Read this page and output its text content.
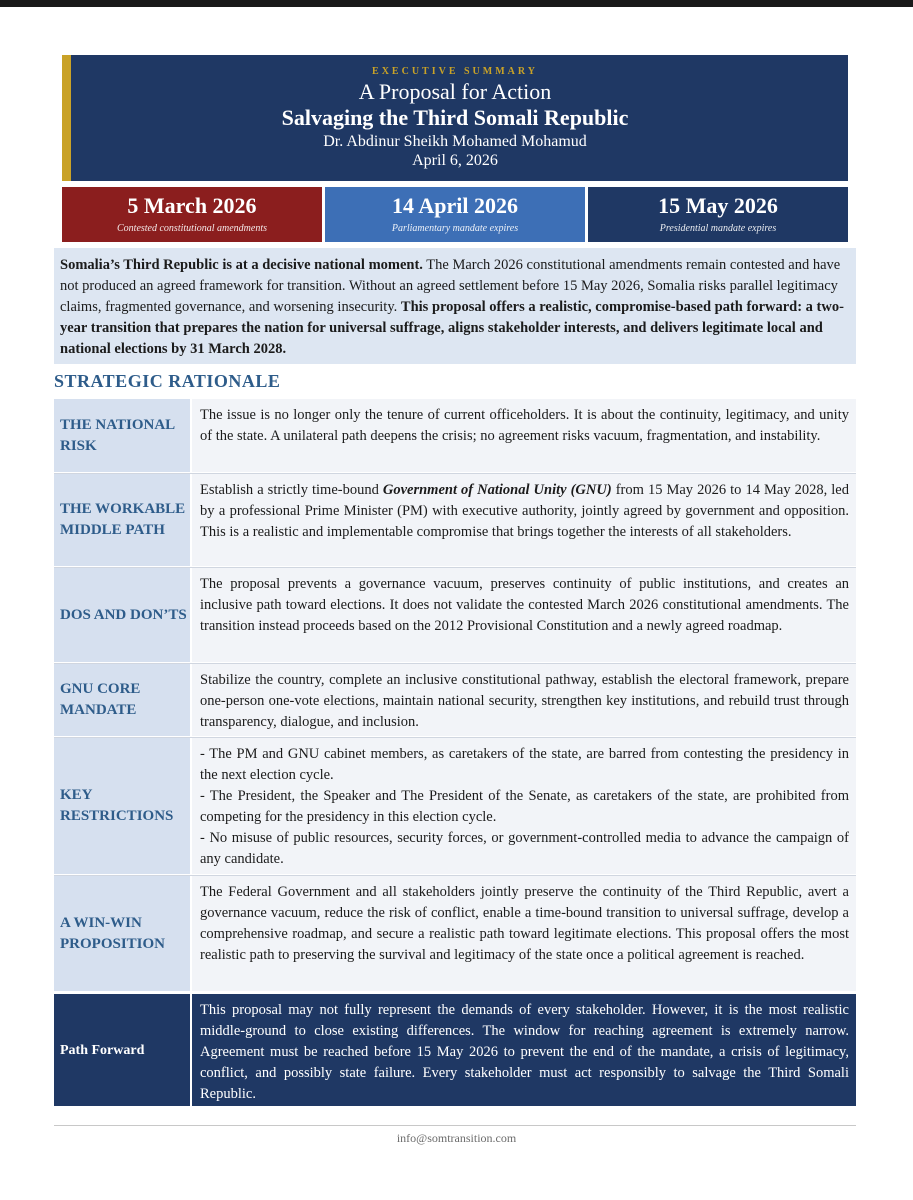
EXECUTIVE SUMMARY
A Proposal for Action
Salvaging the Third Somali Republic
Dr. Abdinur Sheikh Mohamed Mohamud
April 6, 2026
5 March 2026
Contested constitutional amendments
14 April 2026
Parliamentary mandate expires
15 May 2026
Presidential mandate expires
Somalia’s Third Republic is at a decisive national moment. The March 2026 constitutional amendments remain contested and have not produced an agreed framework for transition. Without an agreed settlement before 15 May 2026, Somalia risks parallel legitimacy claims, fragmented governance, and worsening insecurity. This proposal offers a realistic, compromise-based path forward: a two-year transition that prepares the nation for universal suffrage, aligns stakeholder interests, and delivers legitimate local and national elections by 31 March 2028.
STRATEGIC RATIONALE
THE NATIONAL RISK
The issue is no longer only the tenure of current officeholders. It is about the continuity, legitimacy, and unity of the state. A unilateral path deepens the crisis; no agreement risks vacuum, fragmentation, and instability.
THE WORKABLE MIDDLE PATH
Establish a strictly time-bound Government of National Unity (GNU) from 15 May 2026 to 14 May 2028, led by a professional Prime Minister (PM) with executive authority, jointly agreed by government and opposition. This is a realistic and implementable compromise that brings together the interests of all stakeholders.
DOS AND DON’TS
The proposal prevents a governance vacuum, preserves continuity of public institutions, and creates an inclusive path toward elections. It does not validate the contested March 2026 constitutional amendments. The transition instead proceeds based on the 2012 Provisional Constitution and a newly agreed roadmap.
GNU CORE MANDATE
Stabilize the country, complete an inclusive constitutional pathway, establish the electoral framework, prepare one-person one-vote elections, maintain national security, strengthen key institutions, and rebuild trust through transparency, dialogue, and inclusion.
KEY RESTRICTIONS
- The PM and GNU cabinet members, as caretakers of the state, are barred from contesting the presidency in the next election cycle.
- The President, the Speaker and The President of the Senate, as caretakers of the state, are prohibited from competing for the presidency in this election cycle.
- No misuse of public resources, security forces, or government-controlled media to advance the campaign of any candidate.
A WIN-WIN PROPOSITION
The Federal Government and all stakeholders jointly preserve the continuity of the Third Republic, avert a governance vacuum, reduce the risk of conflict, enable a time-bound transition to universal suffrage, develop a comprehensive roadmap, and secure a realistic path toward legitimate elections. This proposal offers the most realistic path to preserving the survival and legitimacy of the state once a political agreement is reached.
Path Forward
This proposal may not fully represent the demands of every stakeholder. However, it is the most realistic middle-ground to close existing differences. The window for reaching agreement is extremely narrow. Agreement must be reached before 15 May 2026 to prevent the end of the mandate, a crisis of legitimacy, conflict, and possibly state failure. Every stakeholder must act responsibly to salvage the Third Somali Republic.
info@somtransition.com
